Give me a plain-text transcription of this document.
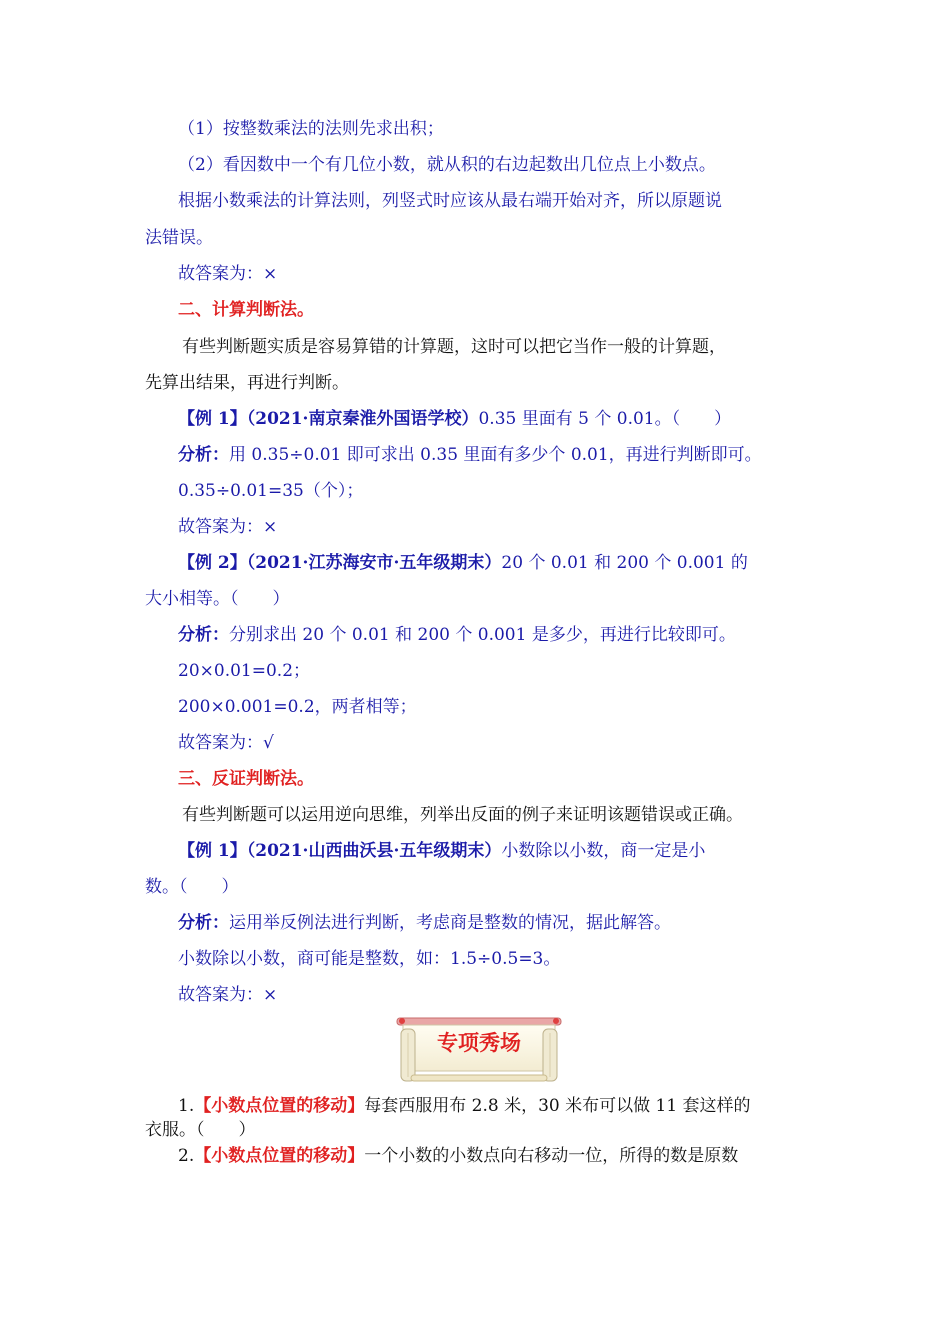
（1）按整数乘法的法则先求出积；
（2）看因数中一个有几位小数，就从积的右边起数出几位点上小数点。
根据小数乘法的计算法则，列竖式时应该从最右端开始对齐，所以原题说
法错误。
故答案为：×
二、计算判断法。
有些判断题实质是容易算错的计算题，这时可以把它当作一般的计算题，
先算出结果，再进行判断。
【例 1】（2021·南京秦淮外国语学校）0.35 里面有 5 个 0.01。（　　）
分析：用 0.35÷0.01 即可求出 0.35 里面有多少个 0.01，再进行判断即可。
0.35÷0.01=35（个）；
故答案为：×
【例 2】（2021·江苏海安市·五年级期末）20 个 0.01 和 200 个 0.001 的
大小相等。（　　）
分析：分别求出 20 个 0.01 和 200 个 0.001 是多少，再进行比较即可。
20×0.01=0.2；
200×0.001=0.2，两者相等；
故答案为：√
三、反证判断法。
有些判断题可以运用逆向思维，列举出反面的例子来证明该题错误或正确。
【例 1】（2021·山西曲沃县·五年级期末）小数除以小数，商一定是小
数。（　　）
分析：运用举反例法进行判断，考虑商是整数的情况，据此解答。
小数除以小数，商可能是整数，如：1.5÷0.5=3。
故答案为：×
专项秀场
1.【小数点位置的移动】每套西服用布 2.8 米，30 米布可以做 11 套这样的
衣服。（　　）
2.【小数点位置的移动】一个小数的小数点向右移动一位，所得的数是原数
